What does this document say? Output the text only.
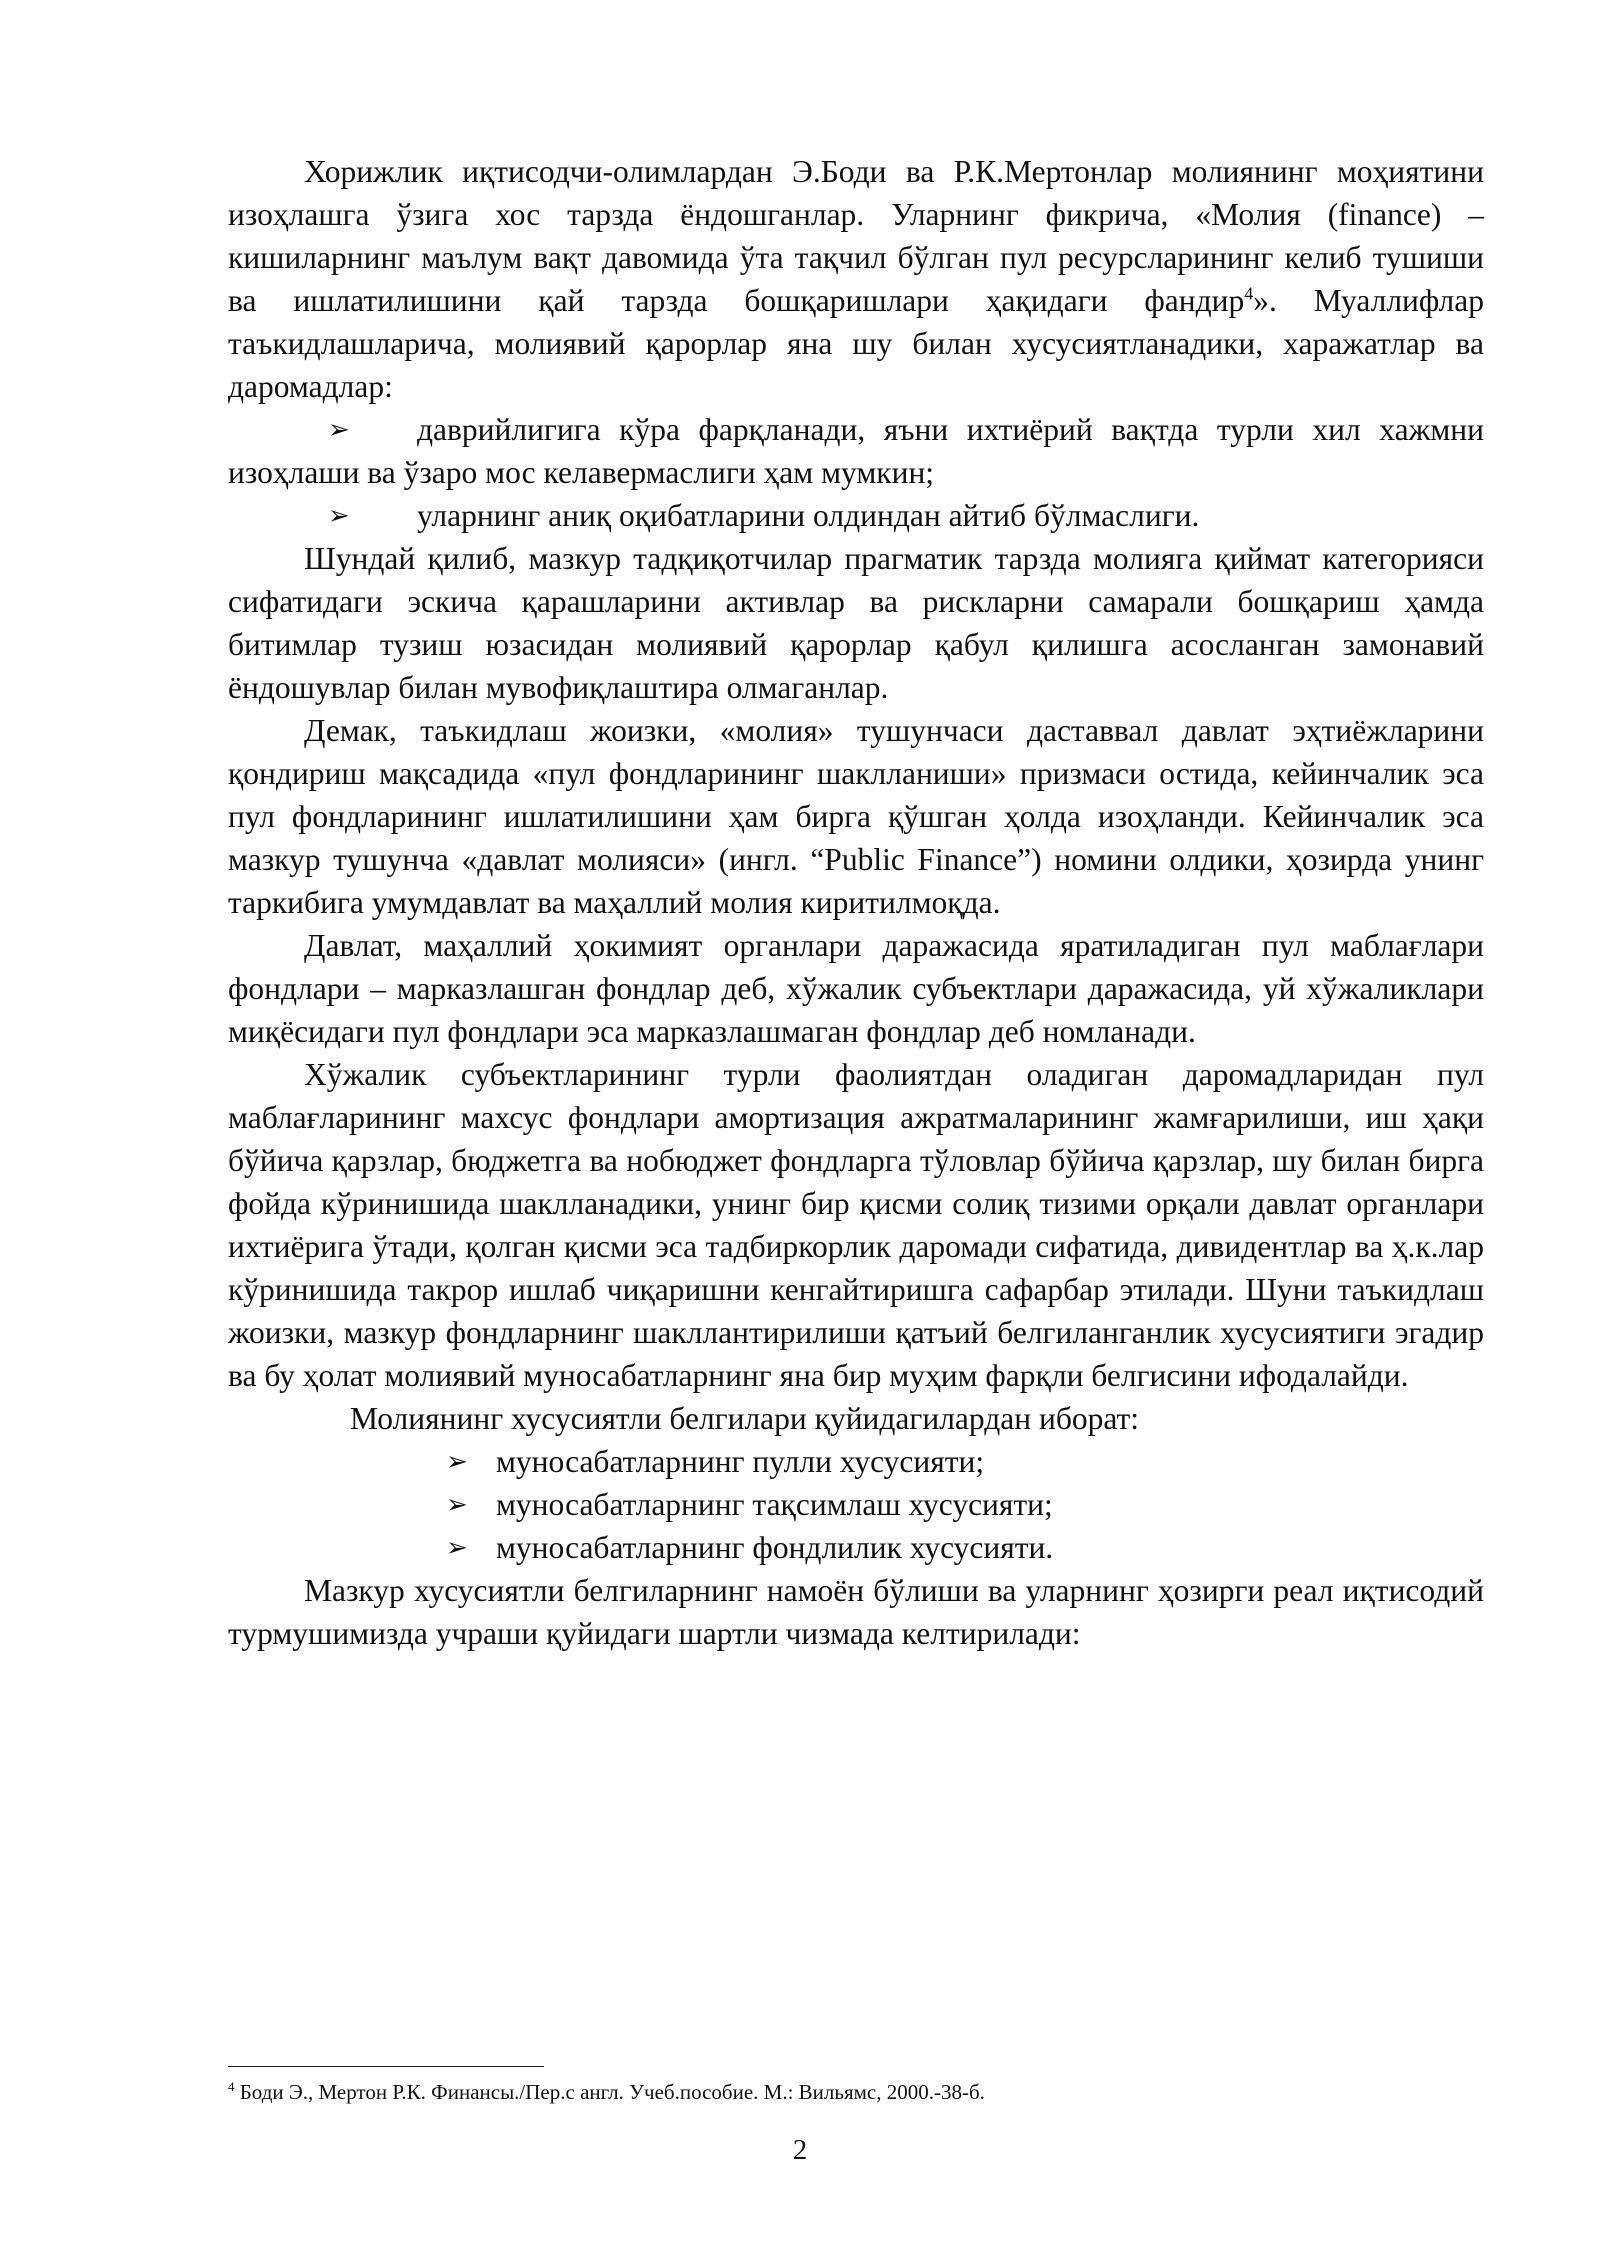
Хорижлик иқтисодчи-олимлардан Э.Боди ва Р.К.Мертонлар молиянинг моҳиятини изоҳлашга ўзига хос тарзда ёндошганлар. Уларнинг фикрича, «Молия (finance) – кишиларнинг маълум вақт давомида ўта тақчил бўлган пул ресурсларининг келиб тушиши ва ишлатилишини қай тарзда бошқаришлари ҳақидаги фандир$^4$». Муаллифлар таъкидлашларича, молиявий қарорлар яна шу билан хусусиятланадики, харажатлар ва даромадлар:

➢ даврийлигига кўра фарқланади, яъни ихтиёрий вақтда турли хил хажмни изоҳлаши ва ўзаро мос келавермаслиги ҳам мумкин;
➢ уларнинг аниқ оқибатларини олдиндан айтиб бўлмаслиги.

Шундай қилиб, мазкур тадқиқотчилар прагматик тарзда молияга қиймат категорияси сифатидаги эскича қарашларини активлар ва рискларни самарали бошқариш ҳамда битимлар тузиш юзасидан молиявий қарорлар қабул қилишга асосланган замонавий ёндошувлар билан мувофиқлаштира олмаганлар.

Демак, таъкидлаш жоизки, «молия» тушунчаси даставвал давлат эҳтиёжларини қондириш мақсадида «пул фондларининг шаклланиши» призмаси остида, кейинчалик эса пул фондларининг ишлатилишини ҳам бирга қўшган ҳолда изоҳланди. Кейинчалик эса мазкур тушунча «давлат молияси» (ингл. “Public Finance”) номини олдики, ҳозирда унинг таркибига умумдавлат ва маҳаллий молия киритилмоқда.

Давлат, маҳаллий ҳокимият органлари даражасида яратиладиган пул маблағлари фондлари – марказлашган фондлар деб, хўжалик субъектлари даражасида, уй хўжаликлари миқёсидаги пул фондлари эса марказлашмаган фондлар деб номланади.

Хўжалик субъектларининг турли фаолиятдан оладиган даромадларидан пул маблағларининг махсус фондлари амортизация ажратмаларининг жамғарилиши, иш ҳақи бўйича қарзлар, бюджетга ва нобюджет фондларга тўловлар бўйича қарзлар, шу билан бирга фойда кўринишида шаклланадики, унинг бир қисми солиқ тизими орқали давлат органлари ихтиёрига ўтади, қолган қисми эса тадбиркорлик даромади сифатида, дивидентлар ва ҳ.к.лар кўринишида такрор ишлаб чиқаришни кенгайтиришга сафарбар этилади. Шуни таъкидлаш жоизки, мазкур фондларнинг шакллантирилиши қатъий белгиланганлик хусусиятиги эгадир ва бу ҳолат молиявий муносабатларнинг яна бир муҳим фарқли белгисини ифодалайди.

Молиянинг хусусиятли белгилари қуйидагилардан иборат:

➢ муносабатларнинг пулли хусусияти;
➢ муносабатларнинг тақсимлаш хусусияти;
➢ муносабатларнинг фондлилик хусусияти.

Мазкур хусусиятли белгиларнинг намоён бўлиши ва уларнинг ҳозирги реал иқтисодий турмушимизда учраши қуйидаги шартли чизмада келтирилади:

$^4$ Боди Э., Мертон Р.К. Финансы./Пер.с англ. Учеб.пособие. М.: Вильямс, 2000.-38-б.
2
